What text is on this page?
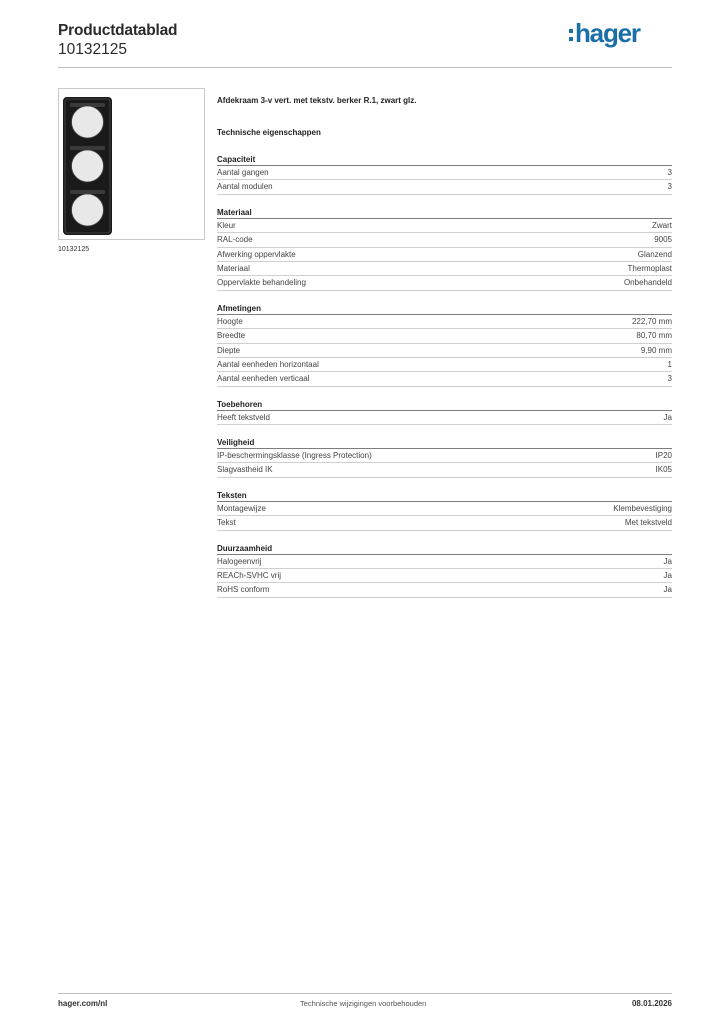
Productdatablad
10132125
hager
10132125
Afdekraam 3-v vert. met tekstv. berker R.1, zwart glz.
Technische eigenschappen
Capaciteit
Aantal gangen	3
Aantal modulen	3
Materiaal
Kleur	Zwart
RAL-code	9005
Afwerking oppervlakte	Glanzend
Materiaal	Thermoplast
Oppervlakte behandeling	Onbehandeld
Afmetingen
Hoogte	222,70 mm
Breedte	80,70 mm
Diepte	9,90 mm
Aantal eenheden horizontaal	1
Aantal eenheden verticaal	3
Toebehoren
Heeft tekstveld	Ja
Veiligheid
IP-beschermingsklasse (Ingress Protection)	IP20
Slagvastheid IK	IK05
Teksten
Montagewijze	Klembevestiging
Tekst	Met tekstveld
Duurzaamheid
Halogeenvrij	Ja
REACh-SVHC vrij	Ja
RoHS conform	Ja
hager.com/nl	Technische wijzigingen voorbehouden	08.01.2026
